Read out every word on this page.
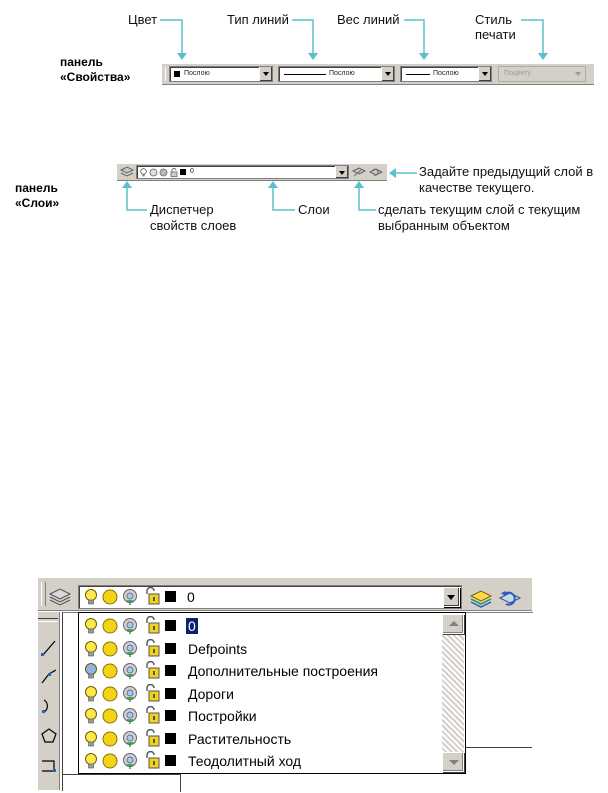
Цвет	Тип линий	Вес линий	Стиль
печати
панель
«Свойства»	Послою	Послою	Послою	Поцвету
панель
«Слои»
0	Задайте предыдущий слой в
качестве текущего.
Диспетчер
свойств слоев
Слои	сделать текущим слой с текущим
выбранным объектом
0
0
Defpoints
Дополнительные построения
Дороги
Постройки
Растительность
Теодолитный ход
